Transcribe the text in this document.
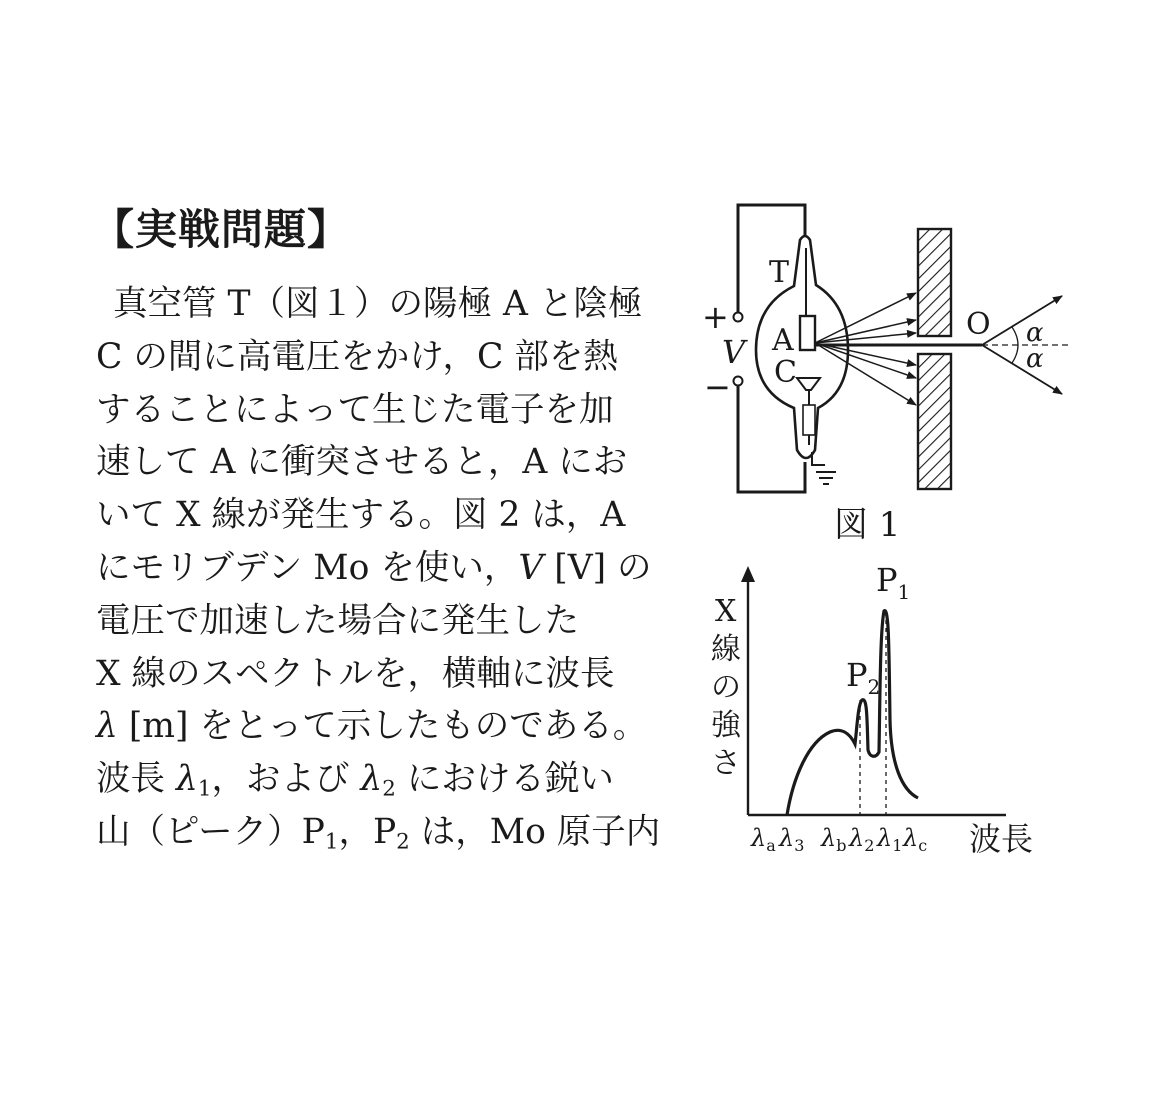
【実戦問題】
真空管 T（図１）の陽極 A と陰極
C の間に高電圧をかけ，C 部を熱
することによって生じた電子を加
速して A に衝突させると，A にお
いて X 線が発生する。図 2 は，A
にモリブデン Mo を使い，V [V] の
電圧で加速した場合に発生した
X 線のスペクトルを，横軸に波長
λ [m] をとって示したものである。
波長 $\lambda_1$，および $\lambda_2$ における鋭い
山（ピーク）$P_1$，$P_2$ は，Mo 原子内
T
+
V
−
A
C
O α
α
図 1
X
線
の
強
さ
$P_1$
$P_2$
$\lambda_a$ $\lambda_3$ $\lambda_b$ $\lambda_2$ $\lambda_1$ $\lambda_c$ 波長
